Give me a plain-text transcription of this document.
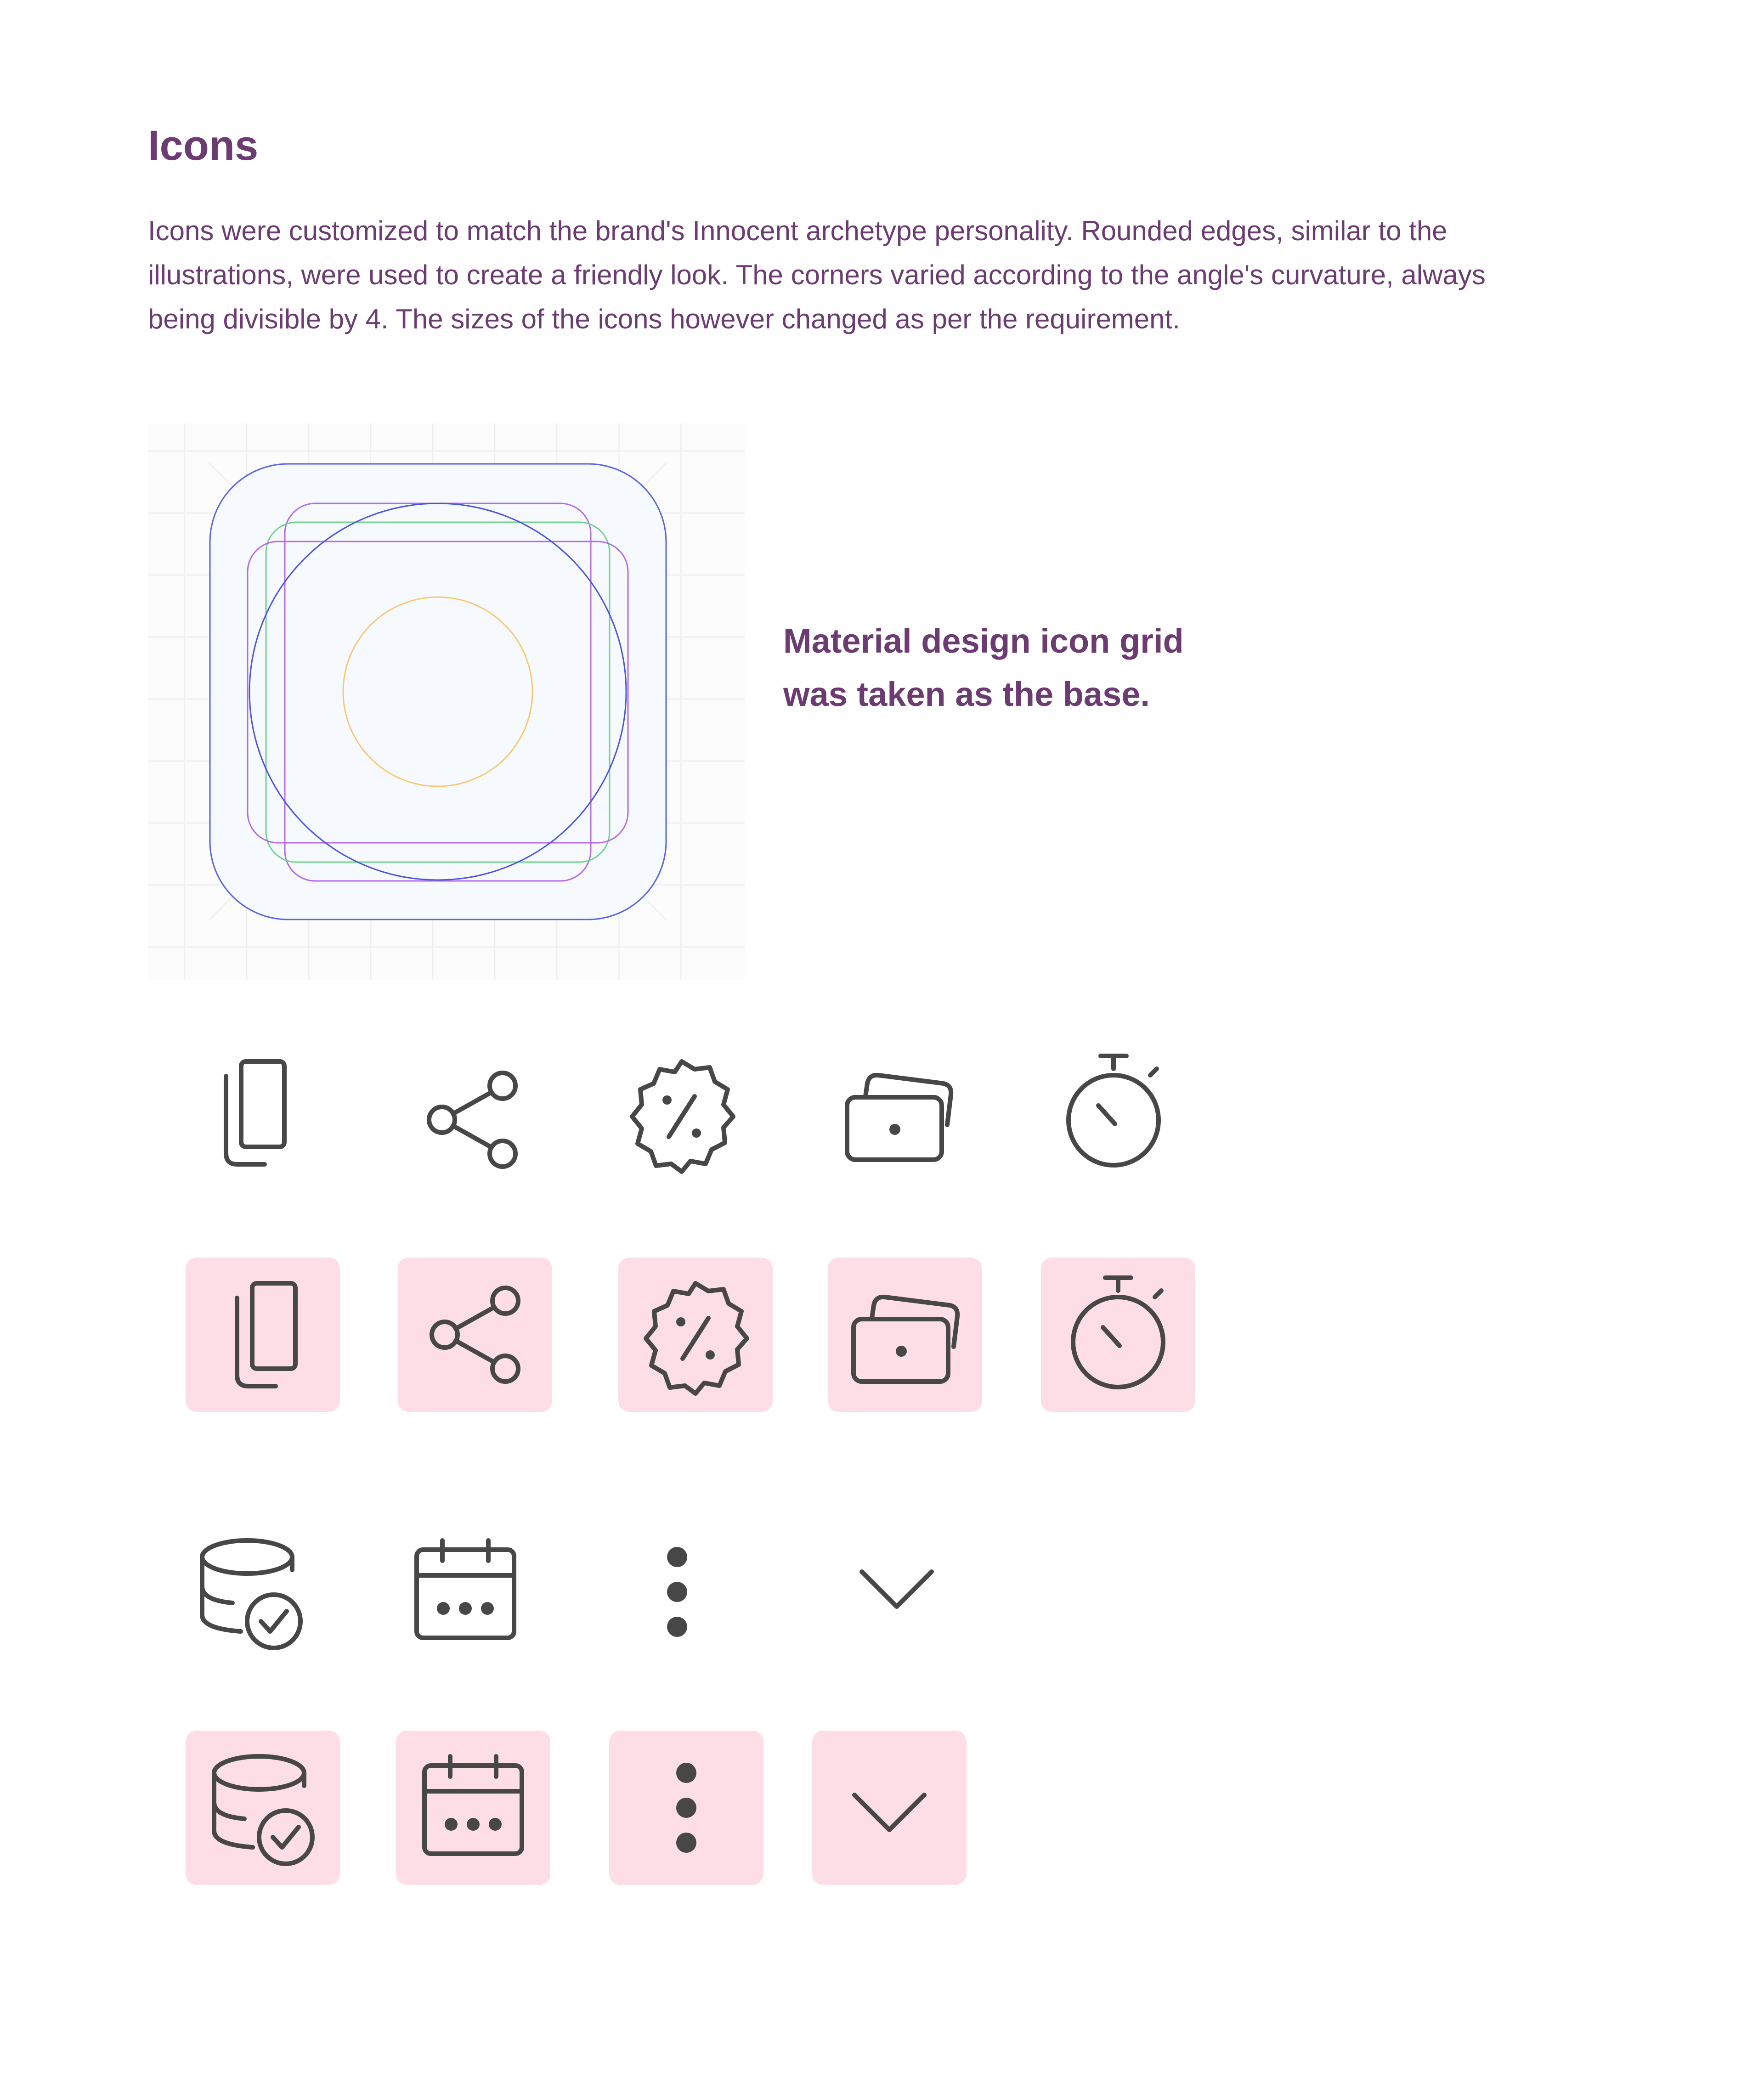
Icons

Icons were customized to match the brand's Innocent archetype personality. Rounded edges, similar to the illustrations, were used to create a friendly look. The corners varied according to the angle's curvature, always being divisible by 4. The sizes of the icons however changed as per the requirement.

Material design icon grid
was taken as the base.
